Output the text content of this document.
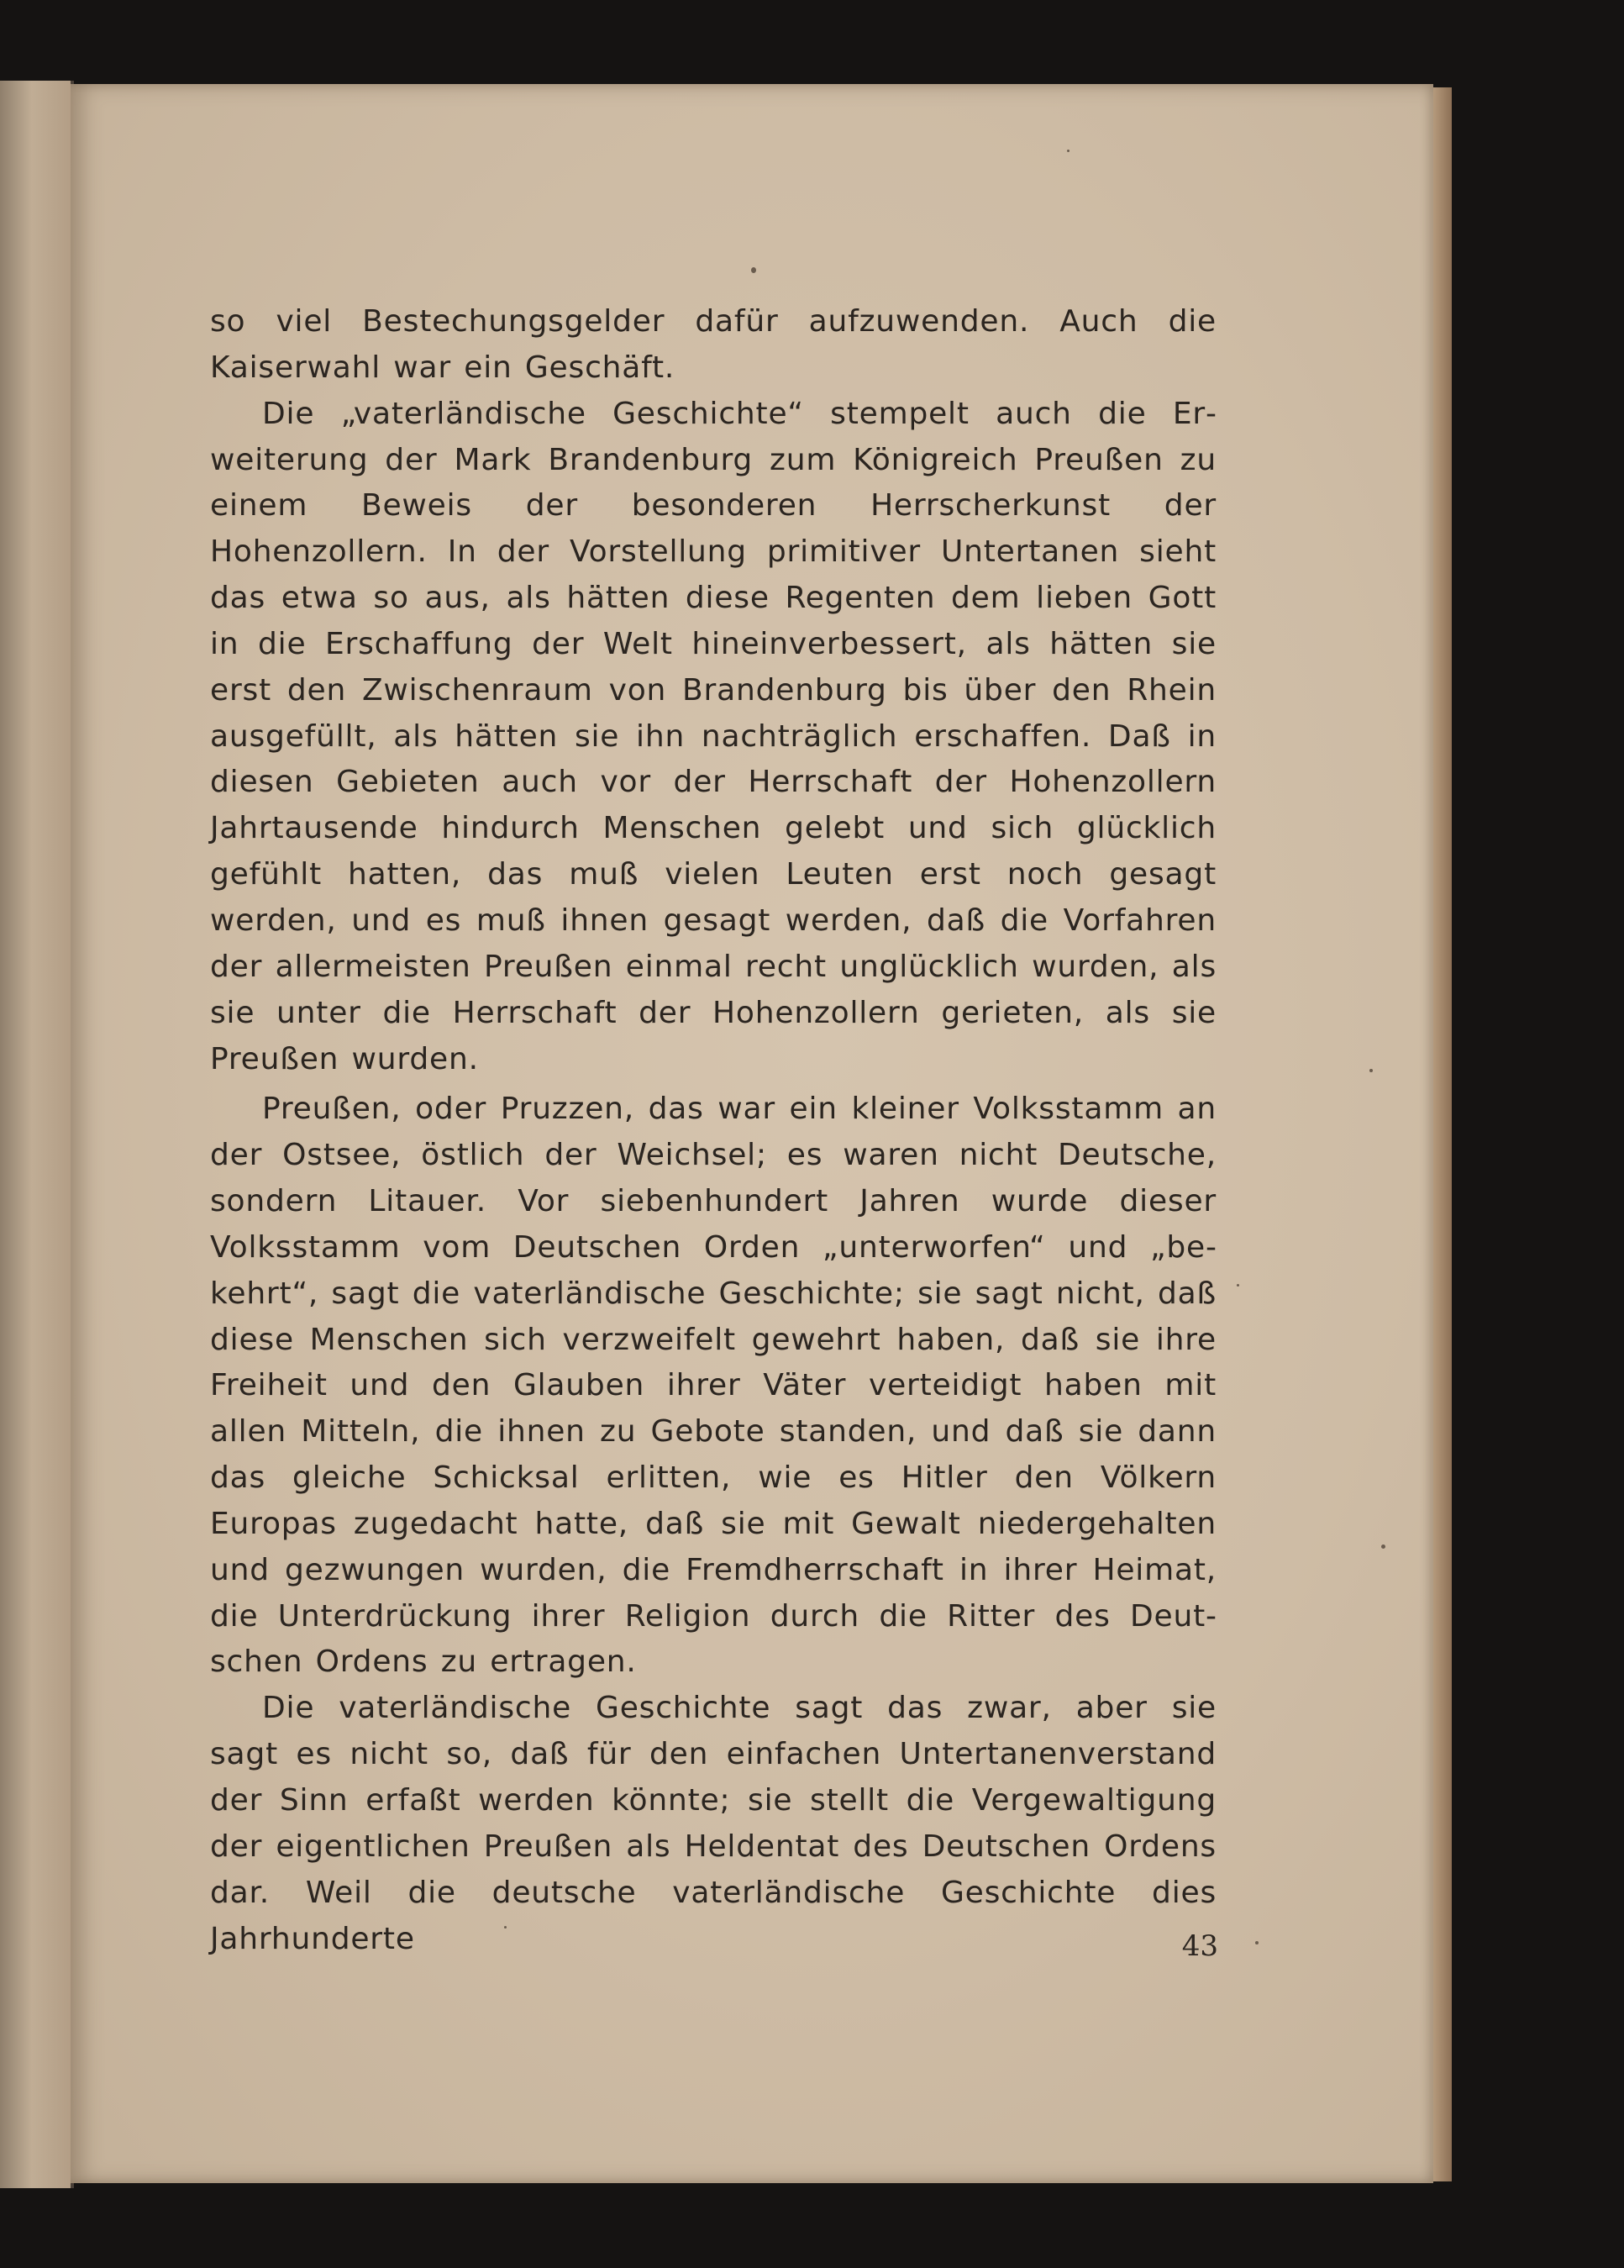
so viel Bestechungsgelder dafür aufzuwenden. Auch die Kaiserwahl war ein Geschäft.

Die „vaterländische Geschichte“ stempelt auch die Erweiterung der Mark Brandenburg zum Königreich Preußen zu einem Beweis der besonderen Herrscherkunst der Hohenzollern. In der Vorstellung primitiver Untertanen sieht das etwa so aus, als hätten diese Regenten dem lieben Gott in die Erschaffung der Welt hineinverbessert, als hätten sie erst den Zwischenraum von Brandenburg bis über den Rhein ausgefüllt, als hätten sie ihn nachträglich erschaffen. Daß in diesen Gebieten auch vor der Herrschaft der Hohenzollern Jahrtausende hindurch Menschen gelebt und sich glücklich gefühlt hatten, das muß vielen Leuten erst noch gesagt werden, und es muß ihnen gesagt werden, daß die Vorfahren der allermeisten Preußen einmal recht unglücklich wurden, als sie unter die Herrschaft der Hohenzollern gerieten, als sie Preußen wurden.

Preußen, oder Pruzzen, das war ein kleiner Volksstamm an der Ostsee, östlich der Weichsel; es waren nicht Deutsche, sondern Litauer. Vor siebenhundert Jahren wurde dieser Volksstamm vom Deutschen Orden „unterworfen“ und „bekehrt“, sagt die vaterländische Geschichte; sie sagt nicht, daß diese Menschen sich verzweifelt gewehrt haben, daß sie ihre Freiheit und den Glauben ihrer Väter verteidigt haben mit allen Mitteln, die ihnen zu Gebote standen, und daß sie dann das gleiche Schicksal erlitten, wie es Hitler den Völkern Europas zugedacht hatte, daß sie mit Gewalt niedergehalten und gezwungen wurden, die Fremdherrschaft in ihrer Heimat, die Unterdrückung ihrer Religion durch die Ritter des Deutschen Ordens zu ertragen.

Die vaterländische Geschichte sagt das zwar, aber sie sagt es nicht so, daß für den einfachen Untertanenverstand der Sinn erfaßt werden könnte; sie stellt die Vergewaltigung der eigentlichen Preußen als Heldentat des Deutschen Ordens dar. Weil die deutsche vaterländische Geschichte dies Jahrhunderte	43
